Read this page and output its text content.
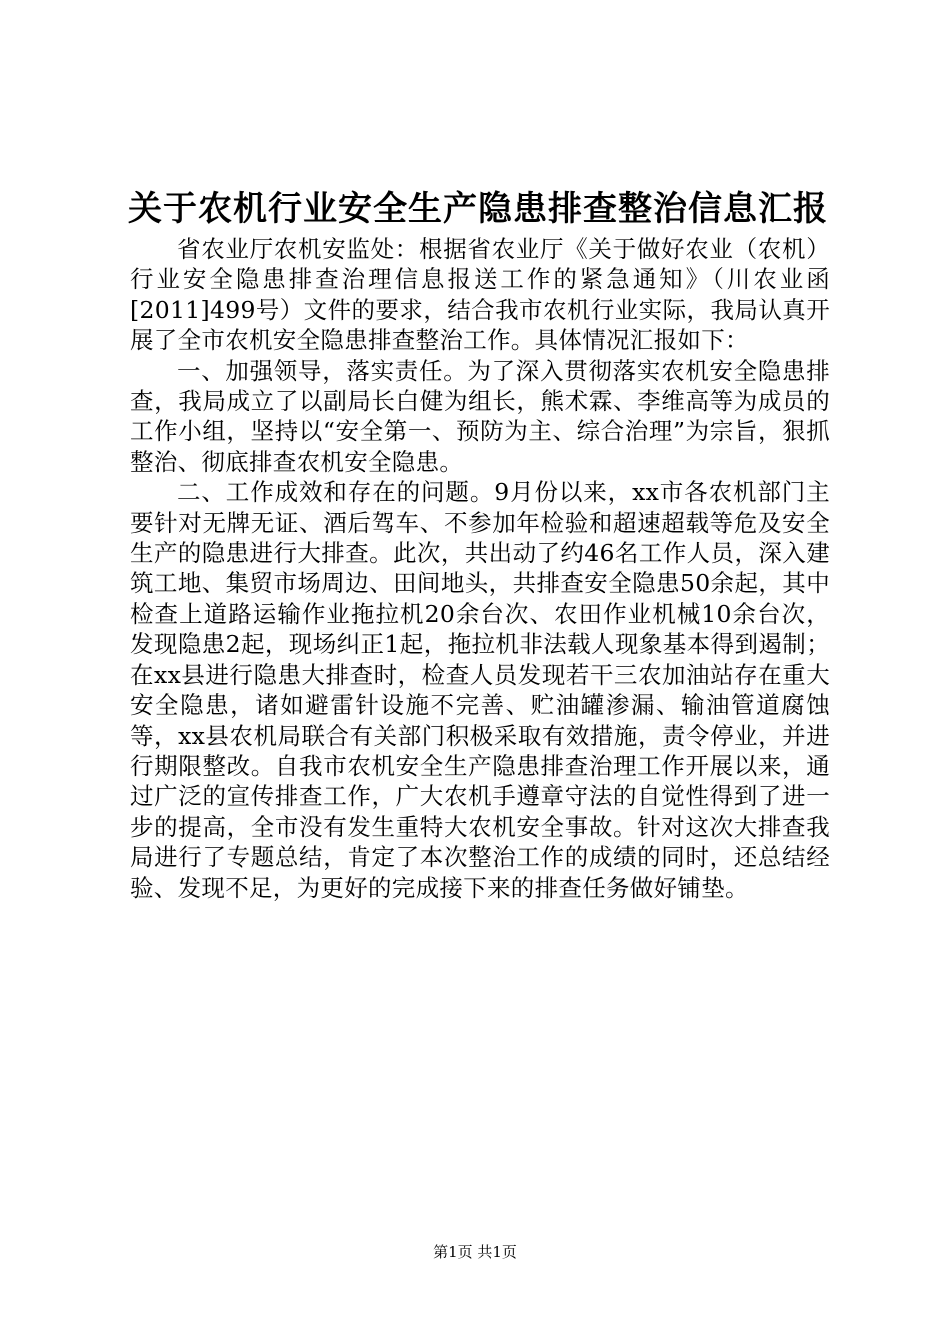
关于农机行业安全生产隐患排查整治信息汇报

省农业厅农机安监处：根据省农业厅《关于做好农业（农机）行业安全隐患排查治理信息报送工作的紧急通知》（川农业函[2011]499号）文件的要求，结合我市农机行业实际，我局认真开展了全市农机安全隐患排查整治工作。具体情况汇报如下：

一、加强领导，落实责任。为了深入贯彻落实农机安全隐患排查，我局成立了以副局长白健为组长，熊术霖、李维高等为成员的工作小组，坚持以“安全第一、预防为主、综合治理”为宗旨，狠抓整治、彻底排查农机安全隐患。

二、工作成效和存在的问题。9月份以来，xx市各农机部门主要针对无牌无证、酒后驾车、不参加年检验和超速超载等危及安全生产的隐患进行大排查。此次，共出动了约46名工作人员，深入建筑工地、集贸市场周边、田间地头，共排查安全隐患50余起，其中检查上道路运输作业拖拉机20余台次、农田作业机械10余台次，发现隐患2起，现场纠正1起，拖拉机非法载人现象基本得到遏制；在xx县进行隐患大排查时，检查人员发现若干三农加油站存在重大安全隐患，诸如避雷针设施不完善、贮油罐渗漏、输油管道腐蚀等，xx县农机局联合有关部门积极采取有效措施，责令停业，并进行期限整改。自我市农机安全生产隐患排查治理工作开展以来，通过广泛的宣传排查工作，广大农机手遵章守法的自觉性得到了进一步的提高，全市没有发生重特大农机安全事故。针对这次大排查我局进行了专题总结，肯定了本次整治工作的成绩的同时，还总结经验、发现不足，为更好的完成接下来的排查任务做好铺垫。

第1页 共1页
